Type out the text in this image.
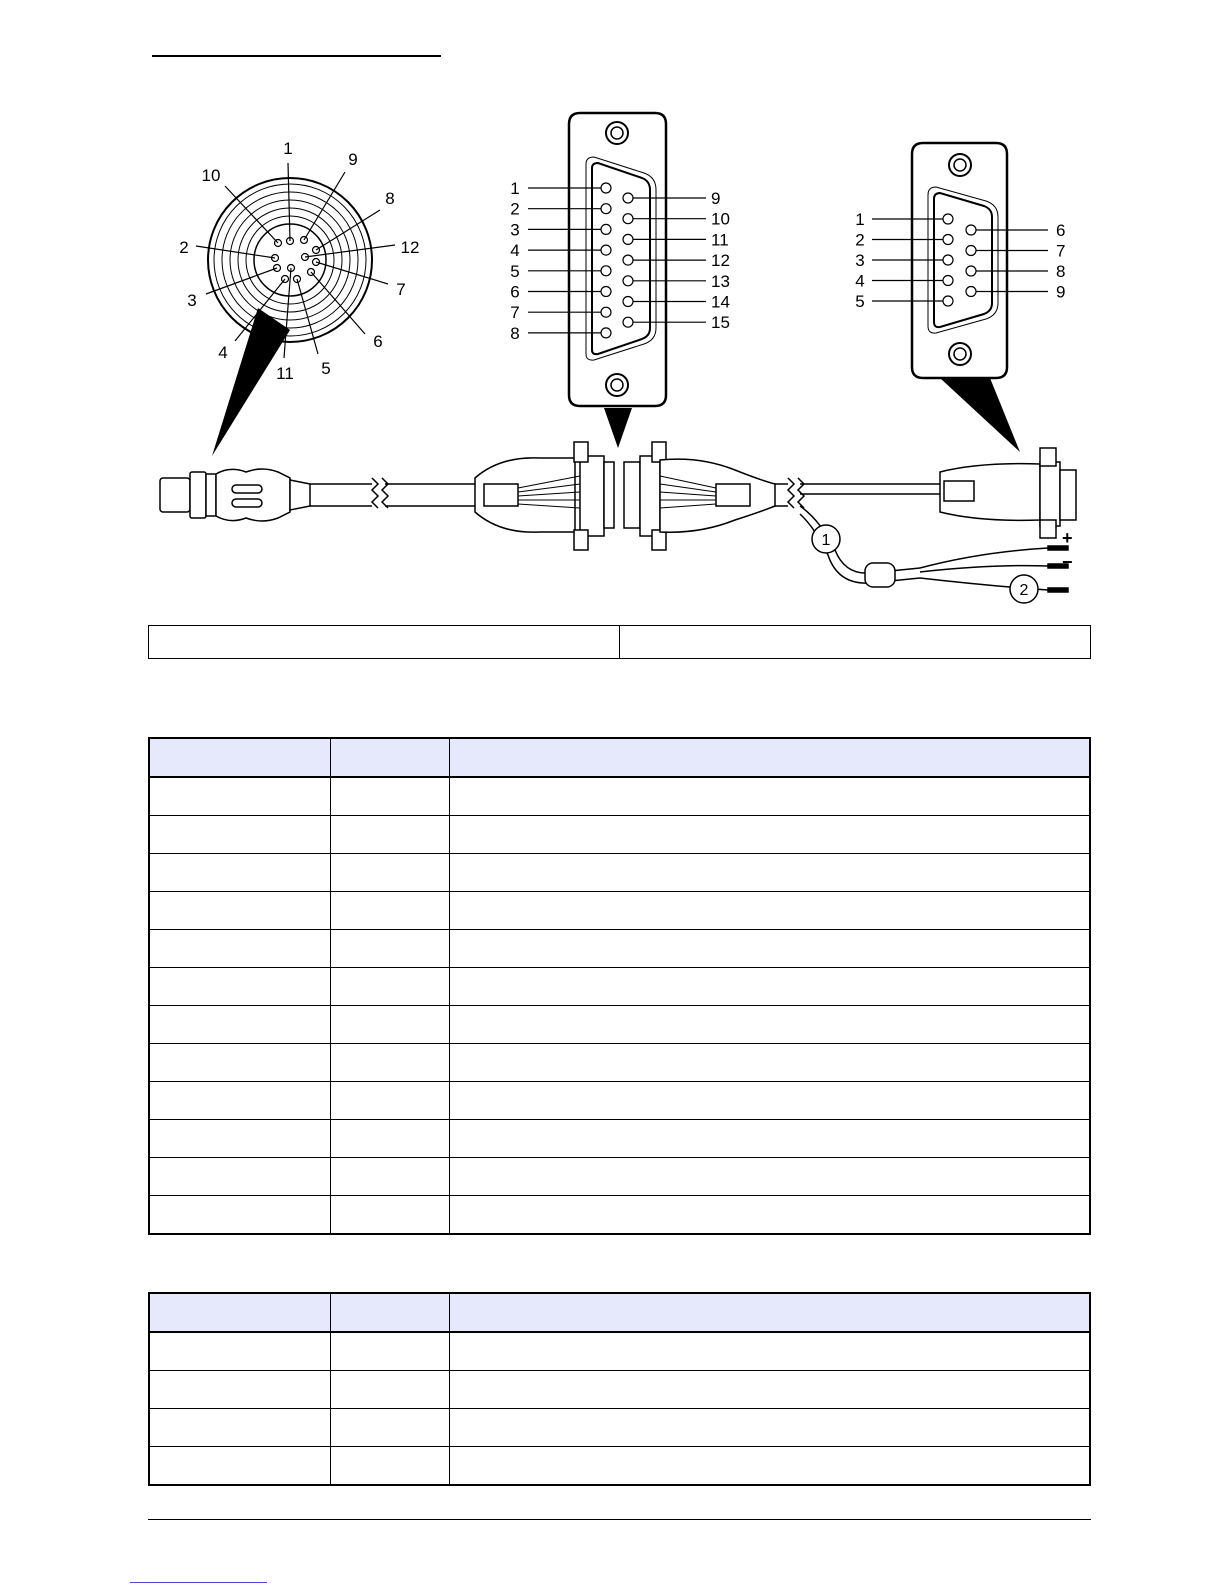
1
2
3
4
5
6
7
8
9
10
11
12
1
2
3
4
5
6
7
8
9
10
11
12
13
14
15
1
2
3
4
5
6
7
8
9
1
2
+
−
